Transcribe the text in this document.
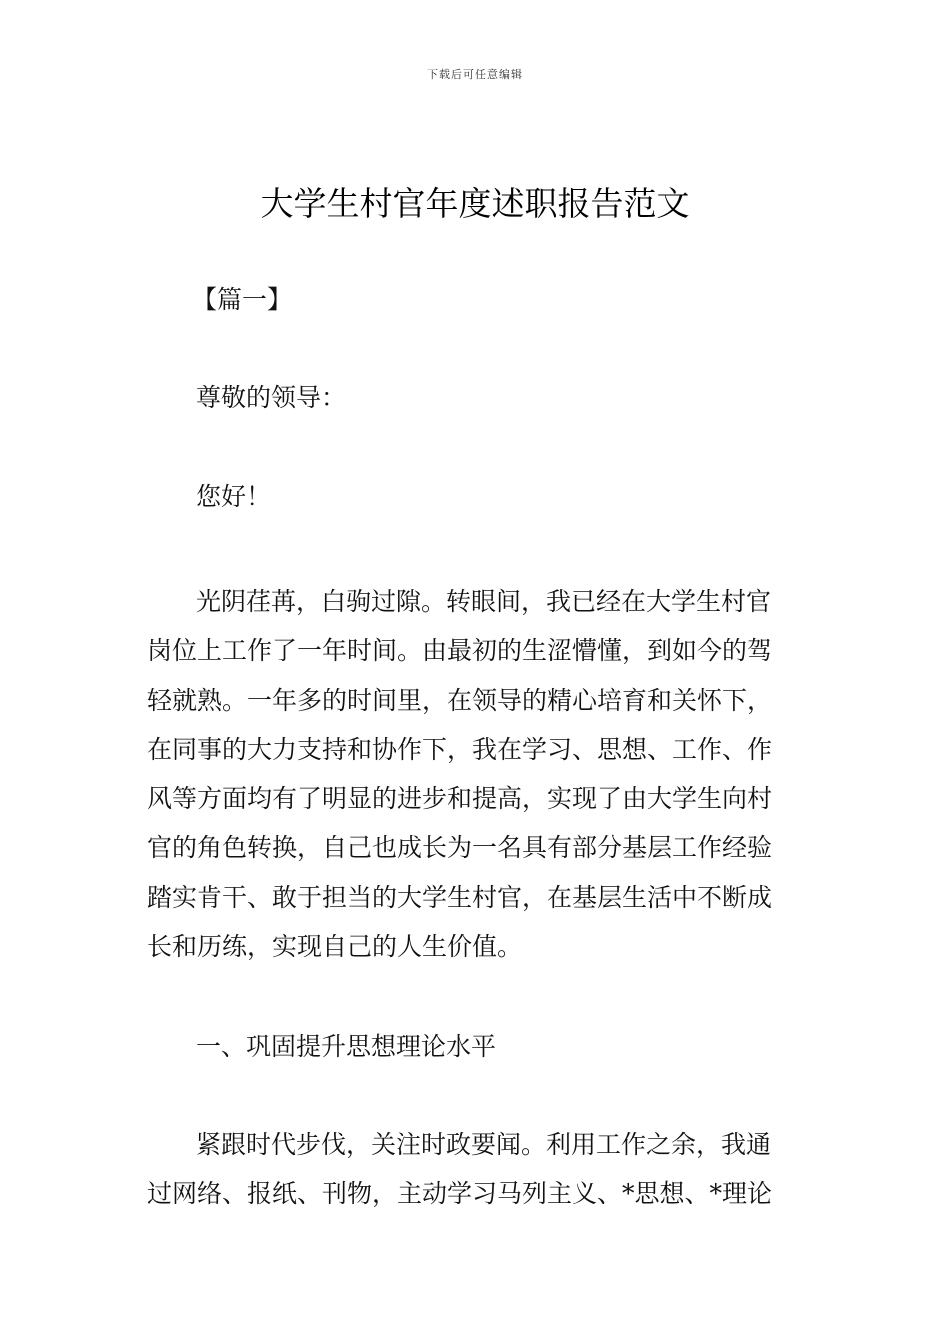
下载后可任意编辑
大学生村官年度述职报告范文
【篇一】
尊敬的领导：
您好！
光阴荏苒，白驹过隙。转眼间，我已经在大学生村官
岗位上工作了一年时间。由最初的生涩懵懂，到如今的驾
轻就熟。一年多的时间里，在领导的精心培育和关怀下，
在同事的大力支持和协作下，我在学习、思想、工作、作
风等方面均有了明显的进步和提高，实现了由大学生向村
官的角色转换，自己也成长为一名具有部分基层工作经验
踏实肯干、敢于担当的大学生村官，在基层生活中不断成
长和历练，实现自己的人生价值。
一、巩固提升思想理论水平
紧跟时代步伐，关注时政要闻。利用工作之余，我通
过网络、报纸、刊物，主动学习马列主义、*思想、*理论
